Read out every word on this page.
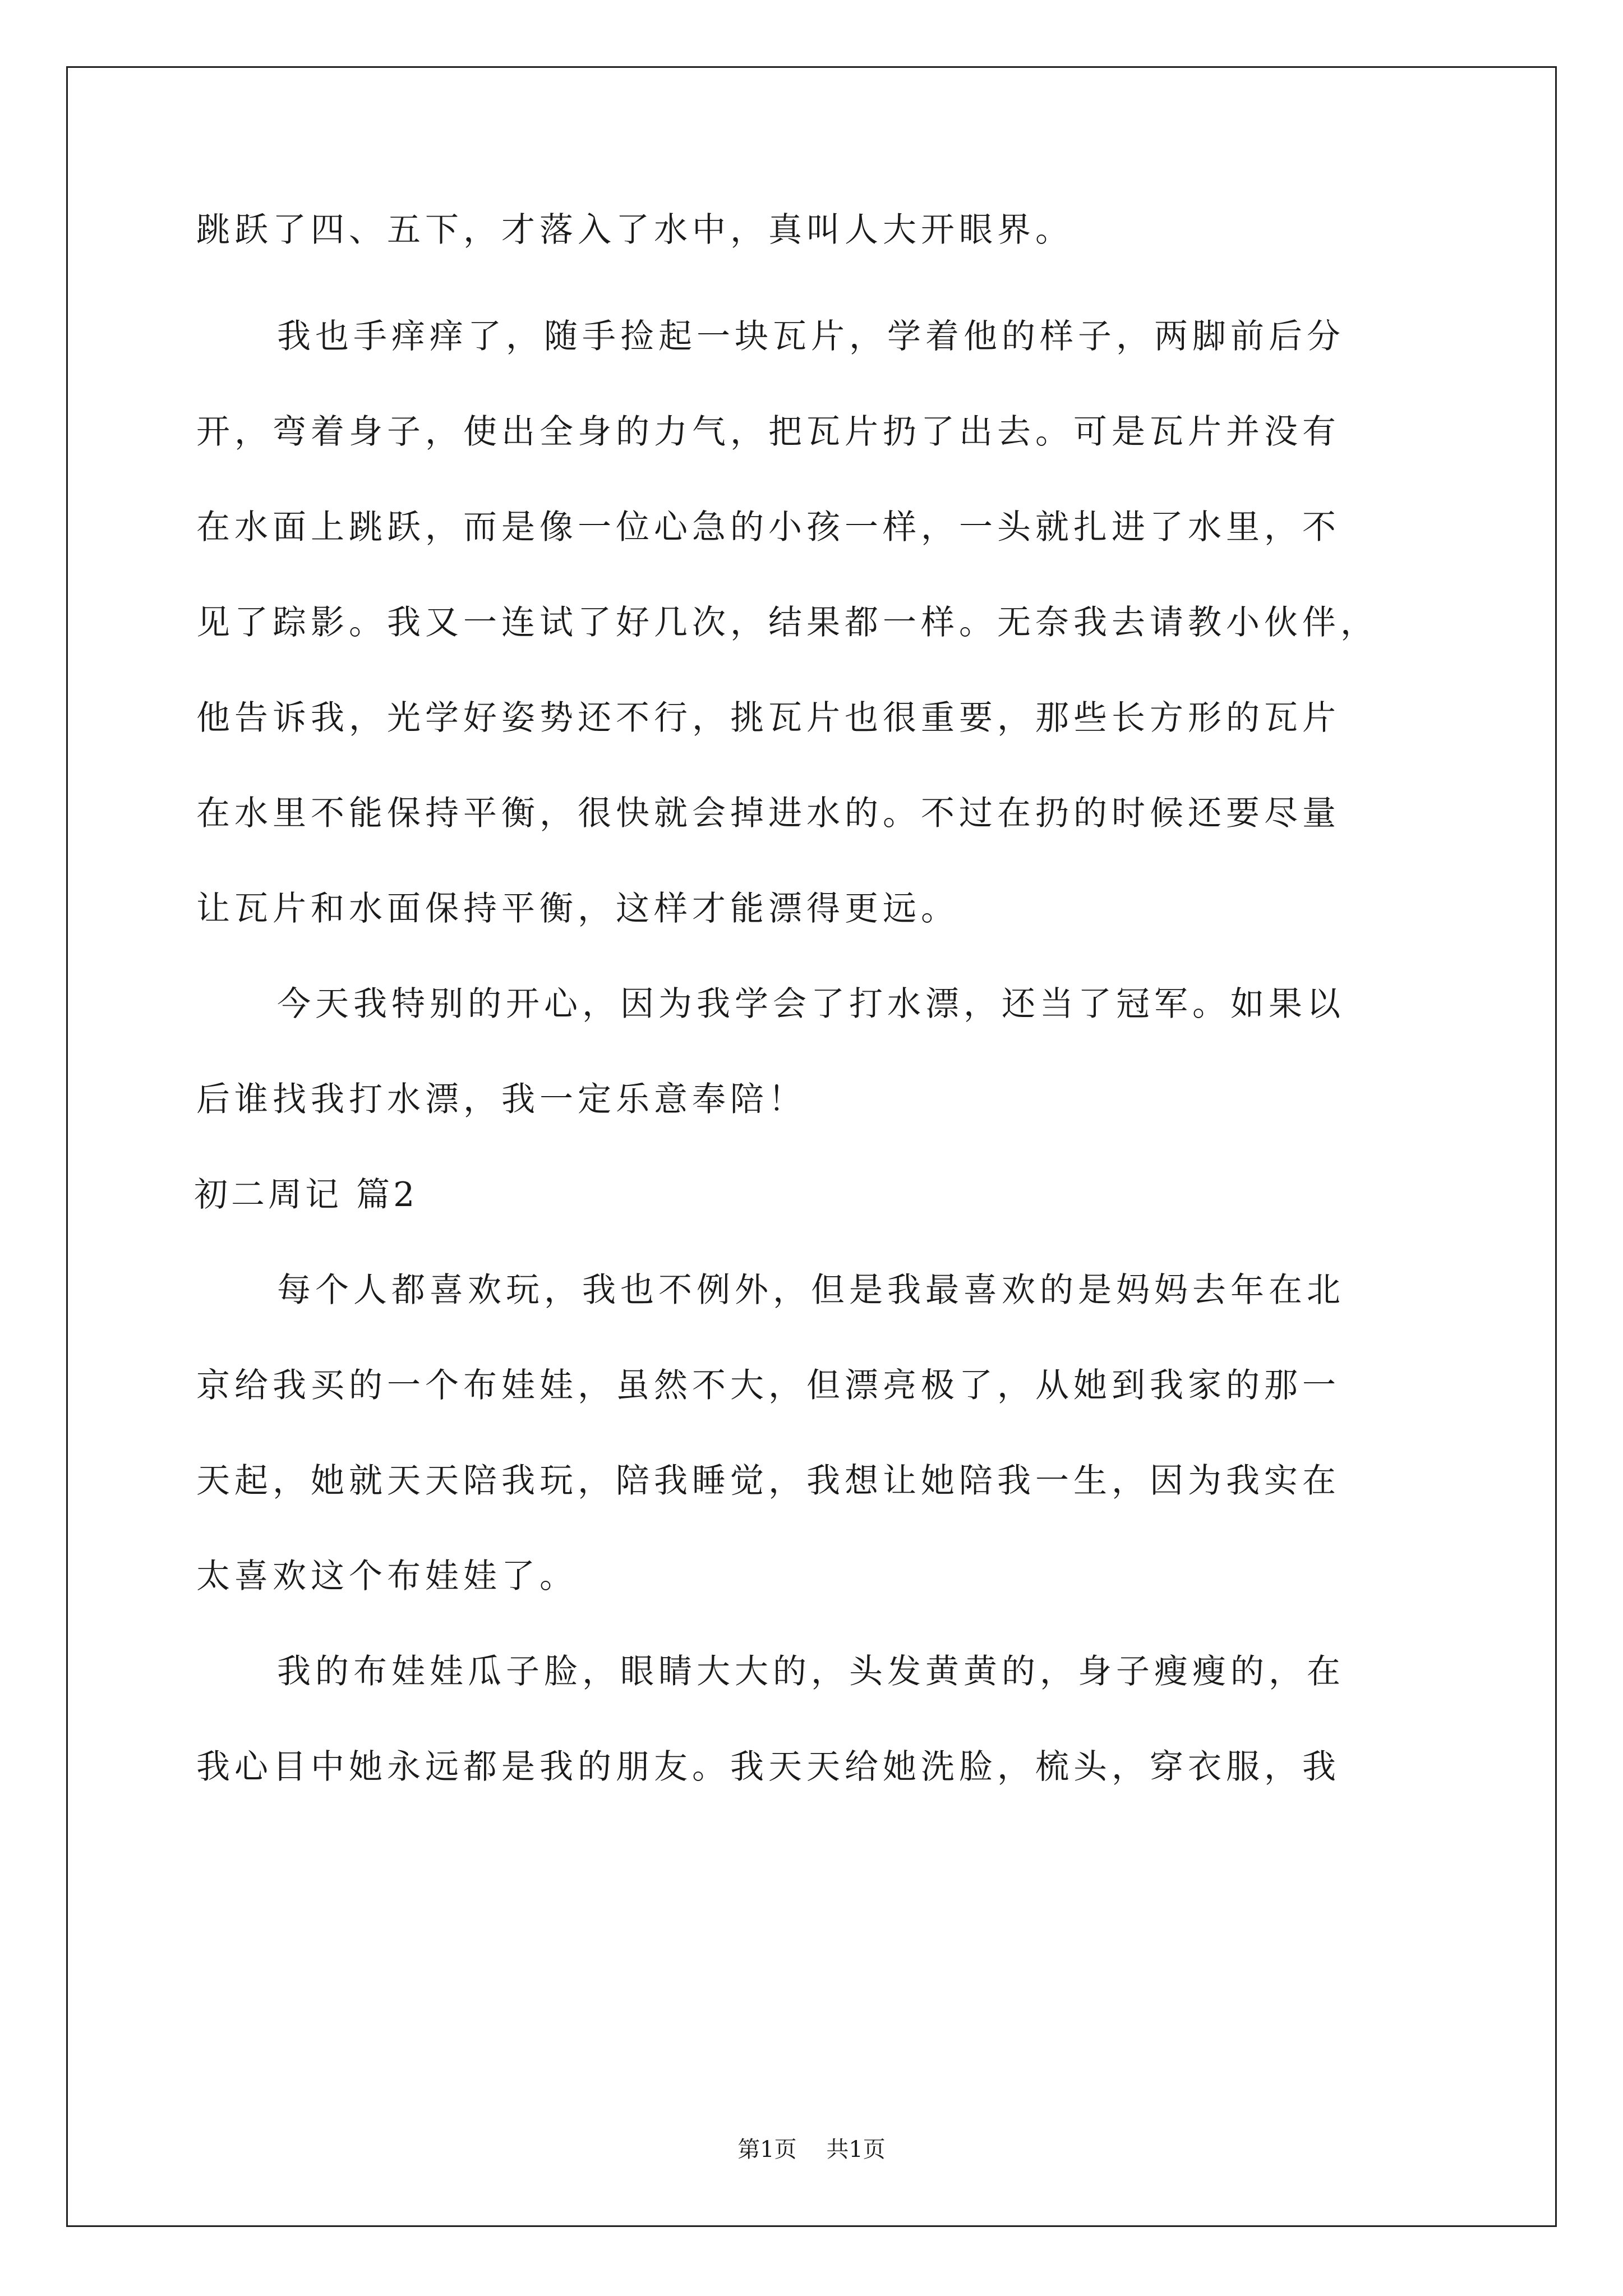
跳跃了四、五下，才落入了水中，真叫人大开眼界。
我也手痒痒了，随手捡起一块瓦片，学着他的样子，两脚前后分
开，弯着身子，使出全身的力气，把瓦片扔了出去。可是瓦片并没有
在水面上跳跃，而是像一位心急的小孩一样，一头就扎进了水里，不
见了踪影。我又一连试了好几次，结果都一样。无奈我去请教小伙伴，
他告诉我，光学好姿势还不行，挑瓦片也很重要，那些长方形的瓦片
在水里不能保持平衡，很快就会掉进水的。不过在扔的时候还要尽量
让瓦片和水面保持平衡，这样才能漂得更远。
今天我特别的开心，因为我学会了打水漂，还当了冠军。如果以
后谁找我打水漂，我一定乐意奉陪！
初二周记 篇2
每个人都喜欢玩，我也不例外，但是我最喜欢的是妈妈去年在北
京给我买的一个布娃娃，虽然不大，但漂亮极了，从她到我家的那一
天起，她就天天陪我玩，陪我睡觉，我想让她陪我一生，因为我实在
太喜欢这个布娃娃了。
我的布娃娃瓜子脸，眼睛大大的，头发黄黄的，身子瘦瘦的，在
我心目中她永远都是我的朋友。我天天给她洗脸，梳头，穿衣服，我
第1页 共1页
